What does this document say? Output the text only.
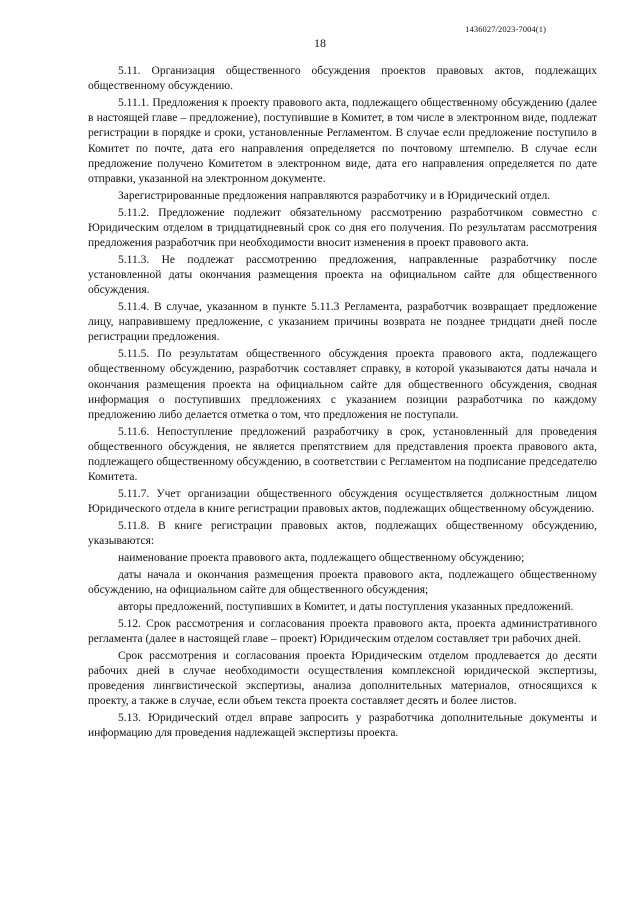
1436027/2023-7004(1)
18

5.11. Организация общественного обсуждения проектов правовых актов, подлежащих общественному обсуждению.

5.11.1. Предложения к проекту правового акта, подлежащего общественному обсуждению (далее в настоящей главе – предложение), поступившие в Комитет, в том числе в электронном виде, подлежат регистрации в порядке и сроки, установленные Регламентом. В случае если предложение поступило в Комитет по почте, дата его направления определяется по почтовому штемпелю. В случае если предложение получено Комитетом в электронном виде, дата его направления определяется по дате отправки, указанной на электронном документе.

Зарегистрированные предложения направляются разработчику и в Юридический отдел.

5.11.2. Предложение подлежит обязательному рассмотрению разработчиком совместно с Юридическим отделом в тридцатидневный срок со дня его получения. По результатам рассмотрения предложения разработчик при необходимости вносит изменения в проект правового акта.

5.11.3. Не подлежат рассмотрению предложения, направленные разработчику после установленной даты окончания размещения проекта на официальном сайте для общественного обсуждения.

5.11.4. В случае, указанном в пункте 5.11.3 Регламента, разработчик возвращает предложение лицу, направившему предложение, с указанием причины возврата не позднее тридцати дней после регистрации предложения.

5.11.5. По результатам общественного обсуждения проекта правового акта, подлежащего общественному обсуждению, разработчик составляет справку, в которой указываются даты начала и окончания размещения проекта на официальном сайте для общественного обсуждения, сводная информация о поступивших предложениях с указанием позиции разработчика по каждому предложению либо делается отметка о том, что предложения не поступали.

5.11.6. Непоступление предложений разработчику в срок, установленный для проведения общественного обсуждения, не является препятствием для представления проекта правового акта, подлежащего общественному обсуждению, в соответствии с Регламентом на подписание председателю Комитета.

5.11.7. Учет организации общественного обсуждения осуществляется должностным лицом Юридического отдела в книге регистрации правовых актов, подлежащих общественному обсуждению.

5.11.8. В книге регистрации правовых актов, подлежащих общественному обсуждению, указываются:

наименование проекта правового акта, подлежащего общественному обсуждению;

даты начала и окончания размещения проекта правового акта, подлежащего общественному обсуждению, на официальном сайте для общественного обсуждения;

авторы предложений, поступивших в Комитет, и даты поступления указанных предложений.

5.12. Срок рассмотрения и согласования проекта правового акта, проекта административного регламента (далее в настоящей главе – проект) Юридическим отделом составляет три рабочих дней.

Срок рассмотрения и согласования проекта Юридическим отделом продлевается до десяти рабочих дней в случае необходимости осуществления комплексной юридической экспертизы, проведения лингвистической экспертизы, анализа дополнительных материалов, относящихся к проекту, а также в случае, если объем текста проекта составляет десять и более листов.

5.13. Юридический отдел вправе запросить у разработчика дополнительные документы и информацию для проведения надлежащей экспертизы проекта.
